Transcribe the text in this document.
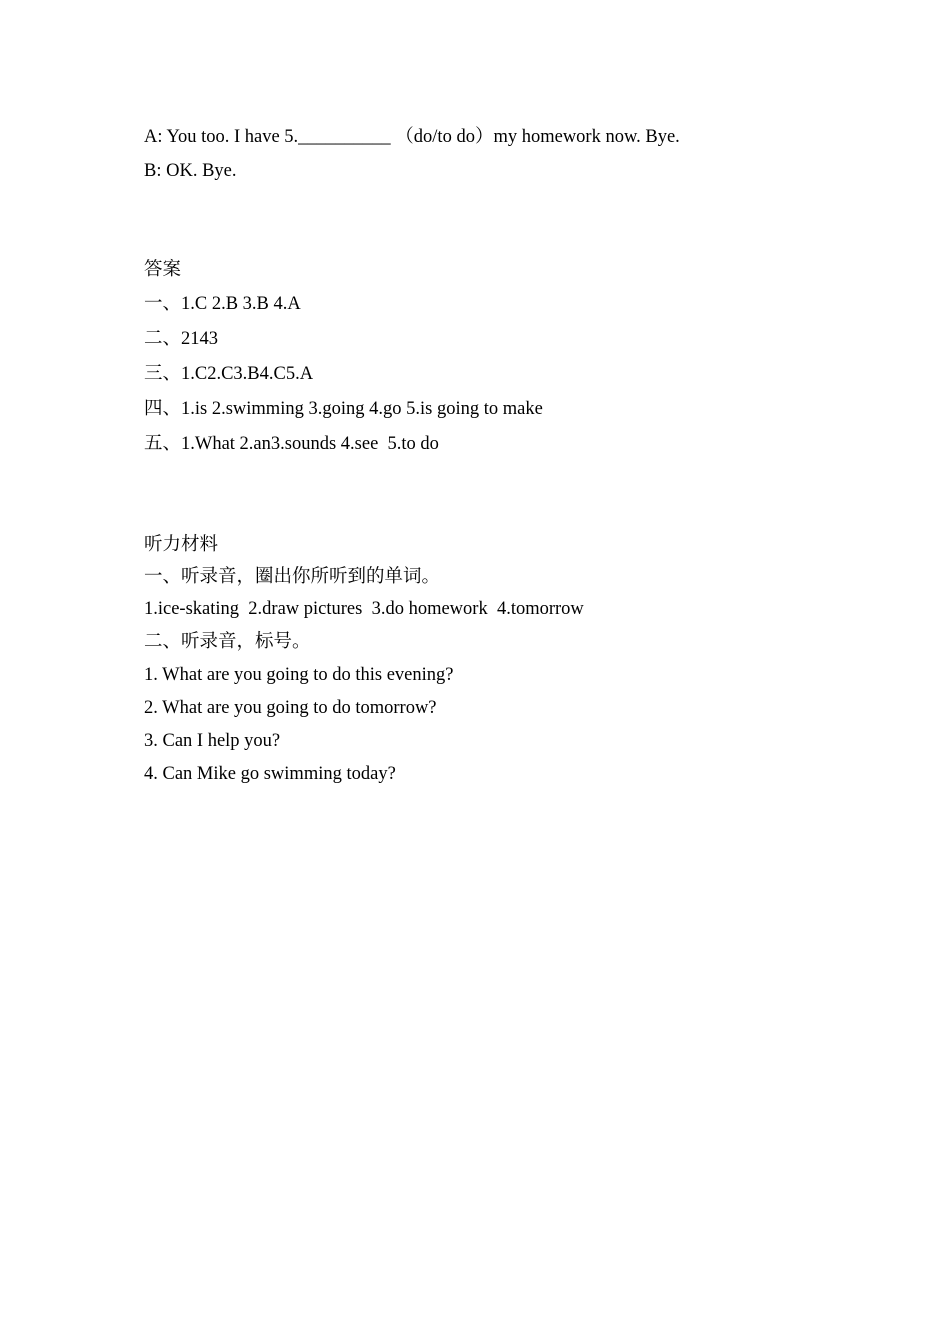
A: You too. I have 5.__________ （do/to do）my homework now. Bye.
B: OK. Bye.
答案
一、1.C 2.B 3.B 4.A
二、2143
三、1.C2.C3.B4.C5.A
四、1.is 2.swimming 3.going 4.go 5.is going to make
五、1.What 2.an3.sounds 4.see  5.to do
听力材料
一、听录音，圈出你所听到的单词。
1.ice-skating  2.draw pictures  3.do homework  4.tomorrow
二、听录音，标号。
1. What are you going to do this evening?
2. What are you going to do tomorrow?
3. Can I help you?
4. Can Mike go swimming today?
